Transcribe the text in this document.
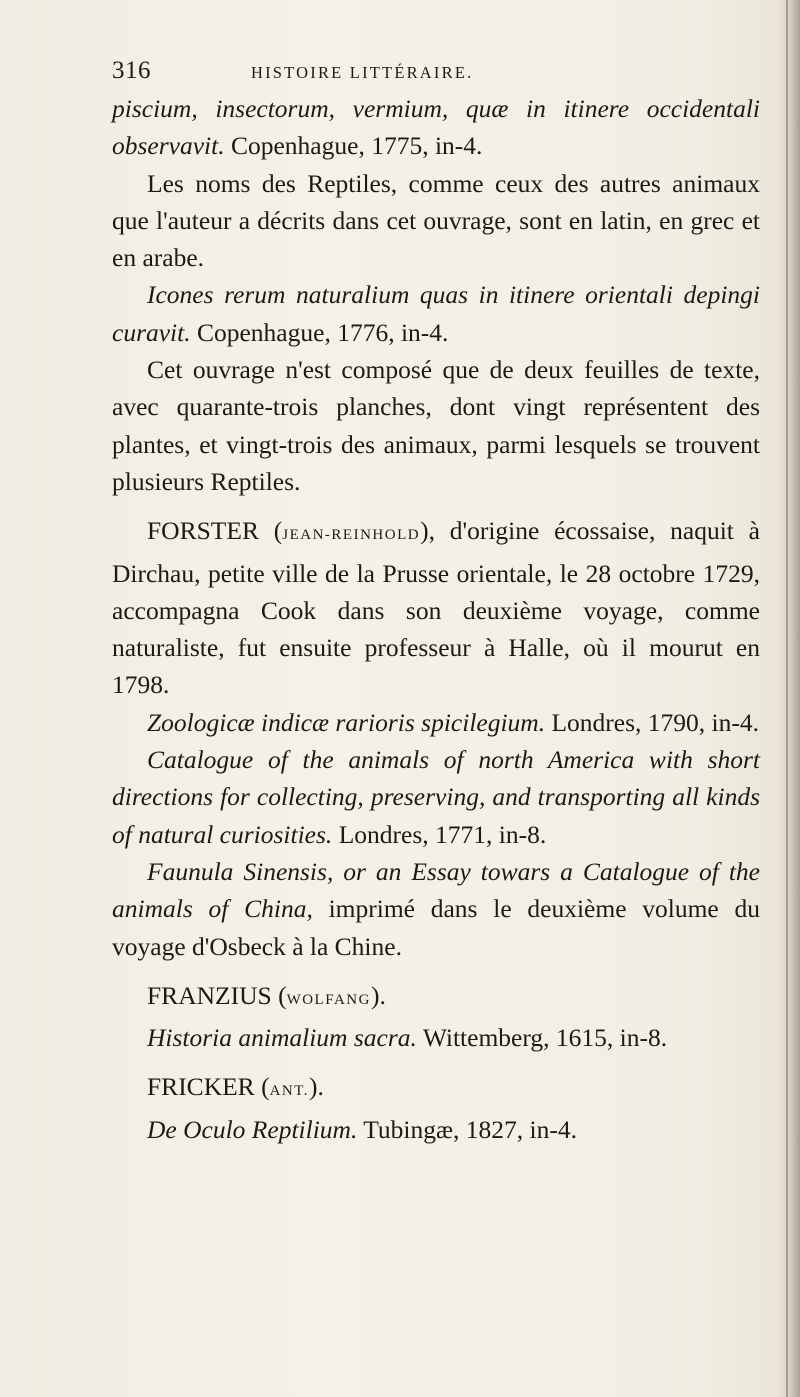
316	HISTOIRE LITTÉRAIRE.

piscium, insectorum, vermium, quæ in itinere occidentali observavit. Copenhague, 1775, in-4.

Les noms des Reptiles, comme ceux des autres animaux que l'auteur a décrits dans cet ouvrage, sont en latin, en grec et en arabe.

Icones rerum naturalium quas in itinere orientali depingi curavit. Copenhague, 1776, in-4.

Cet ouvrage n'est composé que de deux feuilles de texte, avec quarante-trois planches, dont vingt représentent des plantes, et vingt-trois des animaux, parmi lesquels se trouvent plusieurs Reptiles.

FORSTER (JEAN-REINHOLD), d'origine écossaise, naquit à Dirchau, petite ville de la Prusse orientale, le 28 octobre 1729, accompagna Cook dans son deuxième voyage, comme naturaliste, fut ensuite professeur à Halle, où il mourut en 1798.

Zoologicæ indicæ rarioris spicilegium. Londres, 1790, in-4.

Catalogue of the animals of north America with short directions for collecting, preserving, and transporting all kinds of natural curiosities. Londres, 1771, in-8.

Faunula Sinensis, or an Essay towars a Catalogue of the animals of China, imprimé dans le deuxième volume du voyage d'Osbeck à la Chine.

FRANZIUS (WOLFANG).

Historia animalium sacra. Wittemberg, 1615, in-8.

FRICKER (ANT.).

De Oculo Reptilium. Tubingæ, 1827, in-4.
